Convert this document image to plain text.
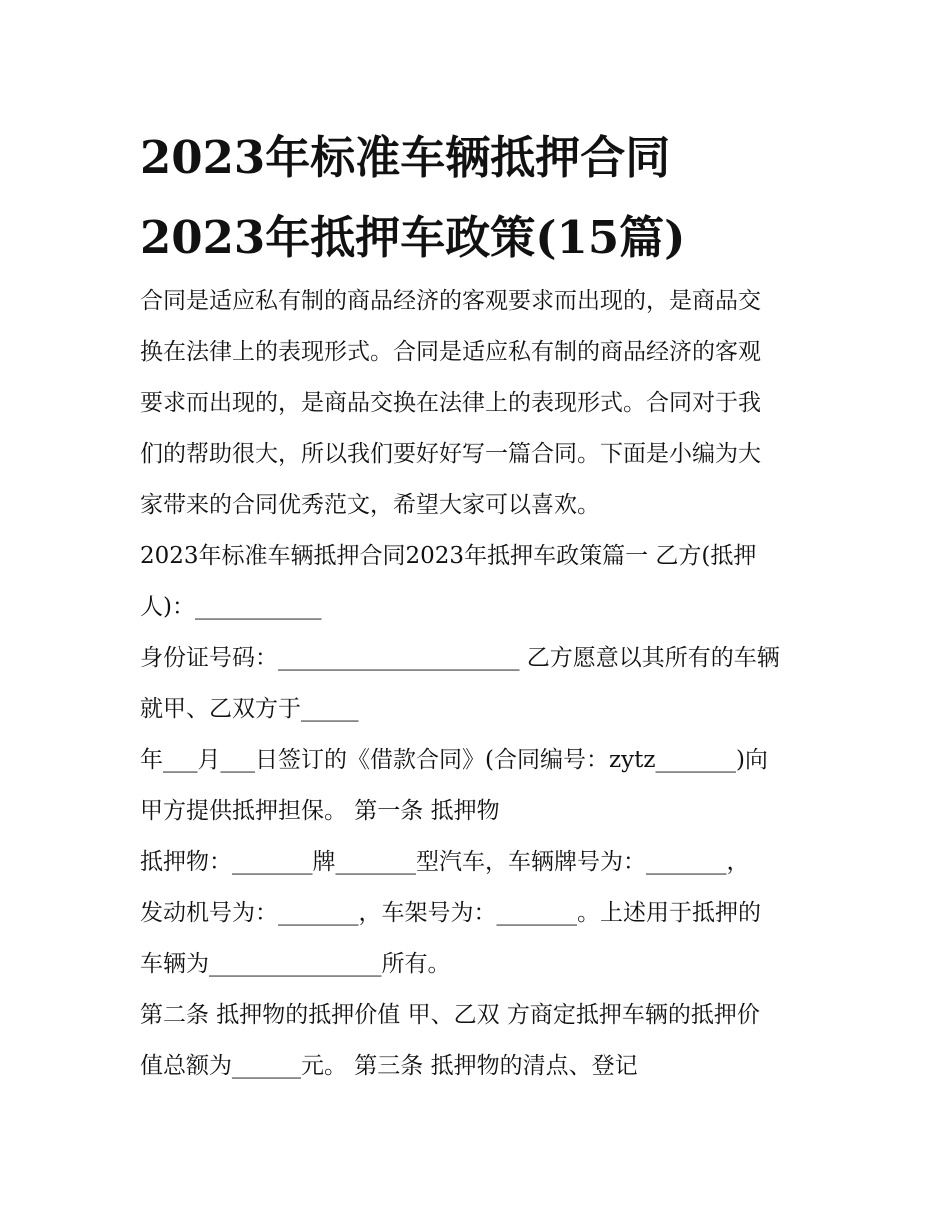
2023年标准车辆抵押合同
2023年抵押车政策(15篇)
合同是适应私有制的商品经济的客观要求而出现的，是商品交
换在法律上的表现形式。合同是适应私有制的商品经济的客观
要求而出现的，是商品交换在法律上的表现形式。合同对于我
们的帮助很大，所以我们要好好写一篇合同。下面是小编为大
家带来的合同优秀范文，希望大家可以喜欢。
2023年标准车辆抵押合同2023年抵押车政策篇一 乙方(抵押
人)：___________
身份证号码：_____________________ 乙方愿意以其所有的车辆
就甲、乙双方于_____
年___月___日签订的《借款合同》(合同编号：zytz_______)向
甲方提供抵押担保。 第一条 抵押物
抵押物：_______牌_______型汽车，车辆牌号为：_______，
发动机号为：_______，车架号为：_______。上述用于抵押的
车辆为_______________所有。
第二条 抵押物的抵押价值 甲、乙双 方商定抵押车辆的抵押价
值总额为______元。 第三条 抵押物的清点、登记
